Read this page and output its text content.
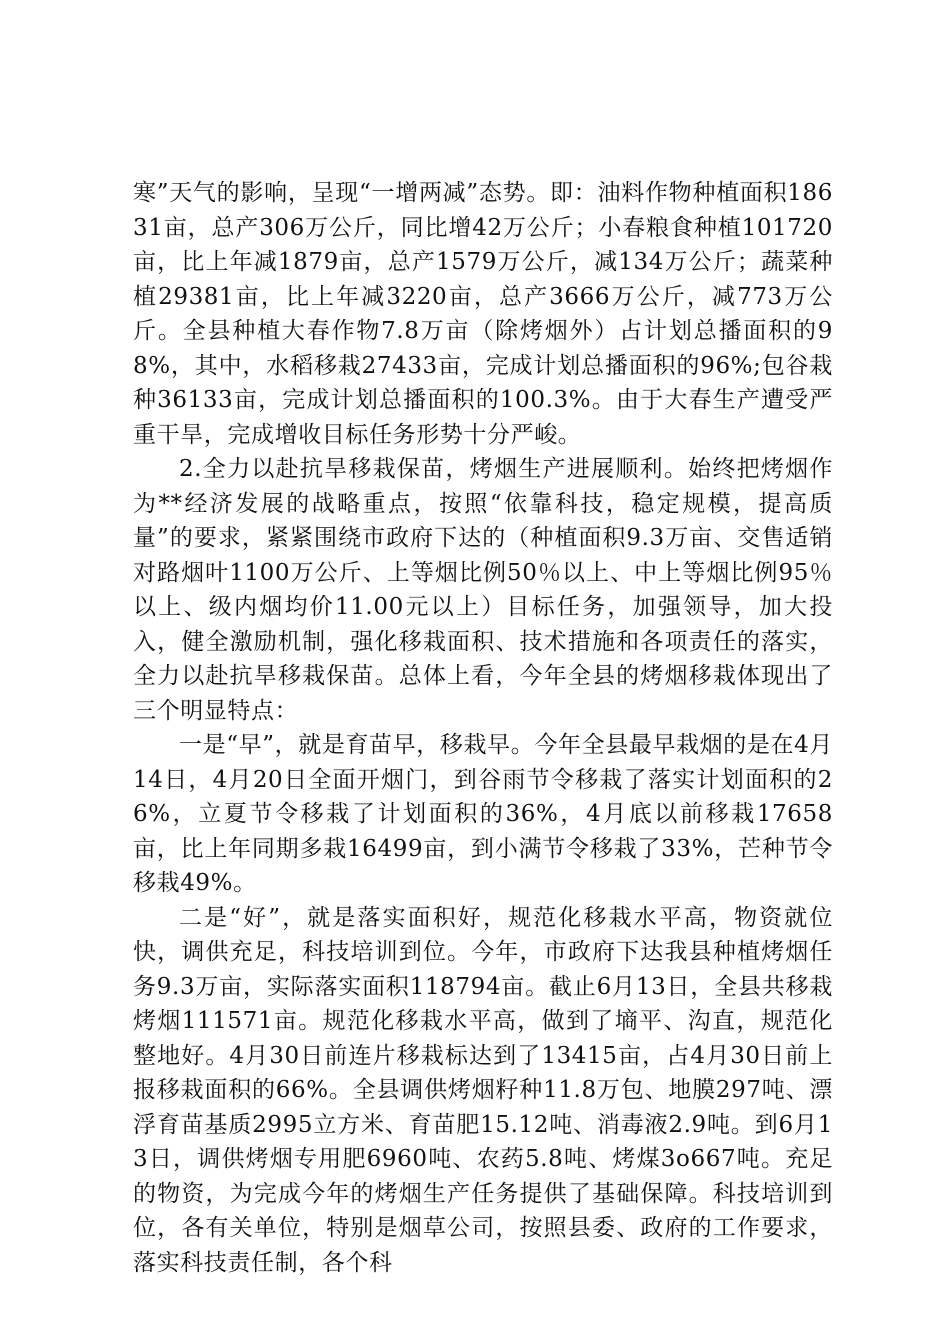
寒”天气的影响，呈现“一增两减”态势。即：油料作物种植面积18631亩，总产306万公斤，同比增42万公斤；小春粮食种植101720亩，比上年减1879亩，总产1579万公斤，减134万公斤；蔬菜种植29381亩，比上年减3220亩，总产3666万公斤，减773万公斤。全县种植大春作物7.8万亩（除烤烟外）占计划总播面积的98%，其中，水稻移栽27433亩，完成计划总播面积的96%;包谷栽种36133亩，完成计划总播面积的100.3%。由于大春生产遭受严重干旱，完成增收目标任务形势十分严峻。

2.全力以赴抗旱移栽保苗，烤烟生产进展顺利。始终把烤烟作为**经济发展的战略重点，按照“依靠科技，稳定规模，提高质量”的要求，紧紧围绕市政府下达的（种植面积9.3万亩、交售适销对路烟叶1100万公斤、上等烟比例50％以上、中上等烟比例95％以上、级内烟均价11.00元以上）目标任务，加强领导，加大投入，健全激励机制，强化移栽面积、技术措施和各项责任的落实，全力以赴抗旱移栽保苗。总体上看，今年全县的烤烟移栽体现出了三个明显特点：

一是“早”，就是育苗早，移栽早。今年全县最早栽烟的是在4月14日，4月20日全面开烟门，到谷雨节令移栽了落实计划面积的26%，立夏节令移栽了计划面积的36%，4月底以前移栽17658亩，比上年同期多栽16499亩，到小满节令移栽了33%，芒种节令移栽49%。

二是“好”，就是落实面积好，规范化移栽水平高，物资就位快，调供充足，科技培训到位。今年，市政府下达我县种植烤烟任务9.3万亩，实际落实面积118794亩。截止6月13日，全县共移栽烤烟111571亩。规范化移栽水平高，做到了墒平、沟直，规范化整地好。4月30日前连片移栽标达到了13415亩，占4月30日前上报移栽面积的66%。全县调供烤烟籽种11.8万包、地膜297吨、漂浮育苗基质2995立方米、育苗肥15.12吨、消毒液2.9吨。到6月13日，调供烤烟专用肥6960吨、农药5.8吨、烤煤3o667吨。充足的物资，为完成今年的烤烟生产任务提供了基础保障。科技培训到位，各有关单位，特别是烟草公司，按照县委、政府的工作要求，落实科技责任制，各个科
